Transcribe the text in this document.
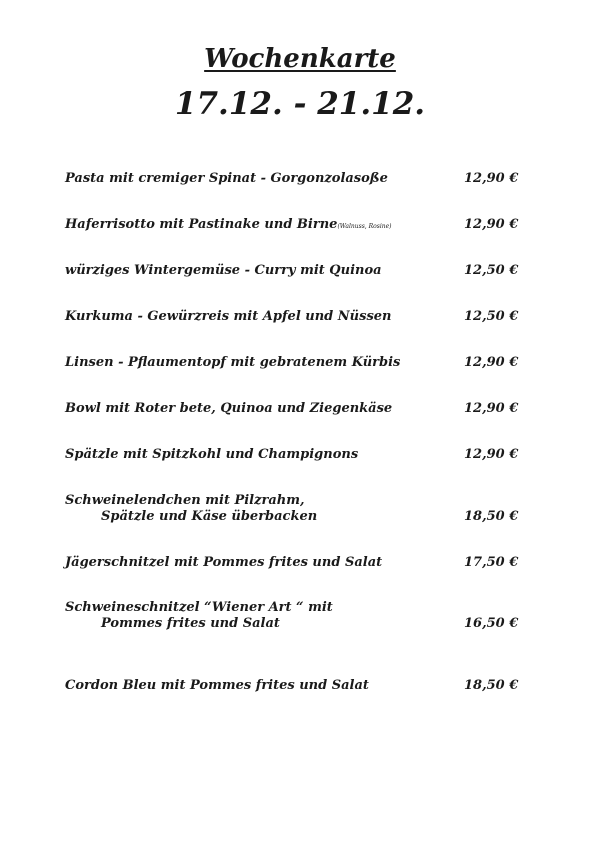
Wochenkarte
17.12. - 21.12.
Pasta mit cremiger Spinat - Gorgonzolasoße	12,90 €
Haferrisotto mit Pastinake und Birne(Walnuss, Rosine)	12,90 €
würziges Wintergemüse - Curry mit Quinoa	12,50 €
Kurkuma - Gewürzreis mit Apfel und Nüssen	12,50 €
Linsen - Pflaumentopf mit gebratenem Kürbis	12,90 €
Bowl mit Roter bete, Quinoa und Ziegenkäse	12,90 €
Spätzle mit Spitzkohl und Champignons	12,90 €
Schweinelendchen mit Pilzrahm,
Spätzle und Käse überbacken	18,50 €
Jägerschnitzel mit Pommes frites und Salat	17,50 €
Schweineschnitzel “Wiener Art “ mit
Pommes frites und Salat	16,50 €
Cordon Bleu mit Pommes frites und Salat	18,50 €
